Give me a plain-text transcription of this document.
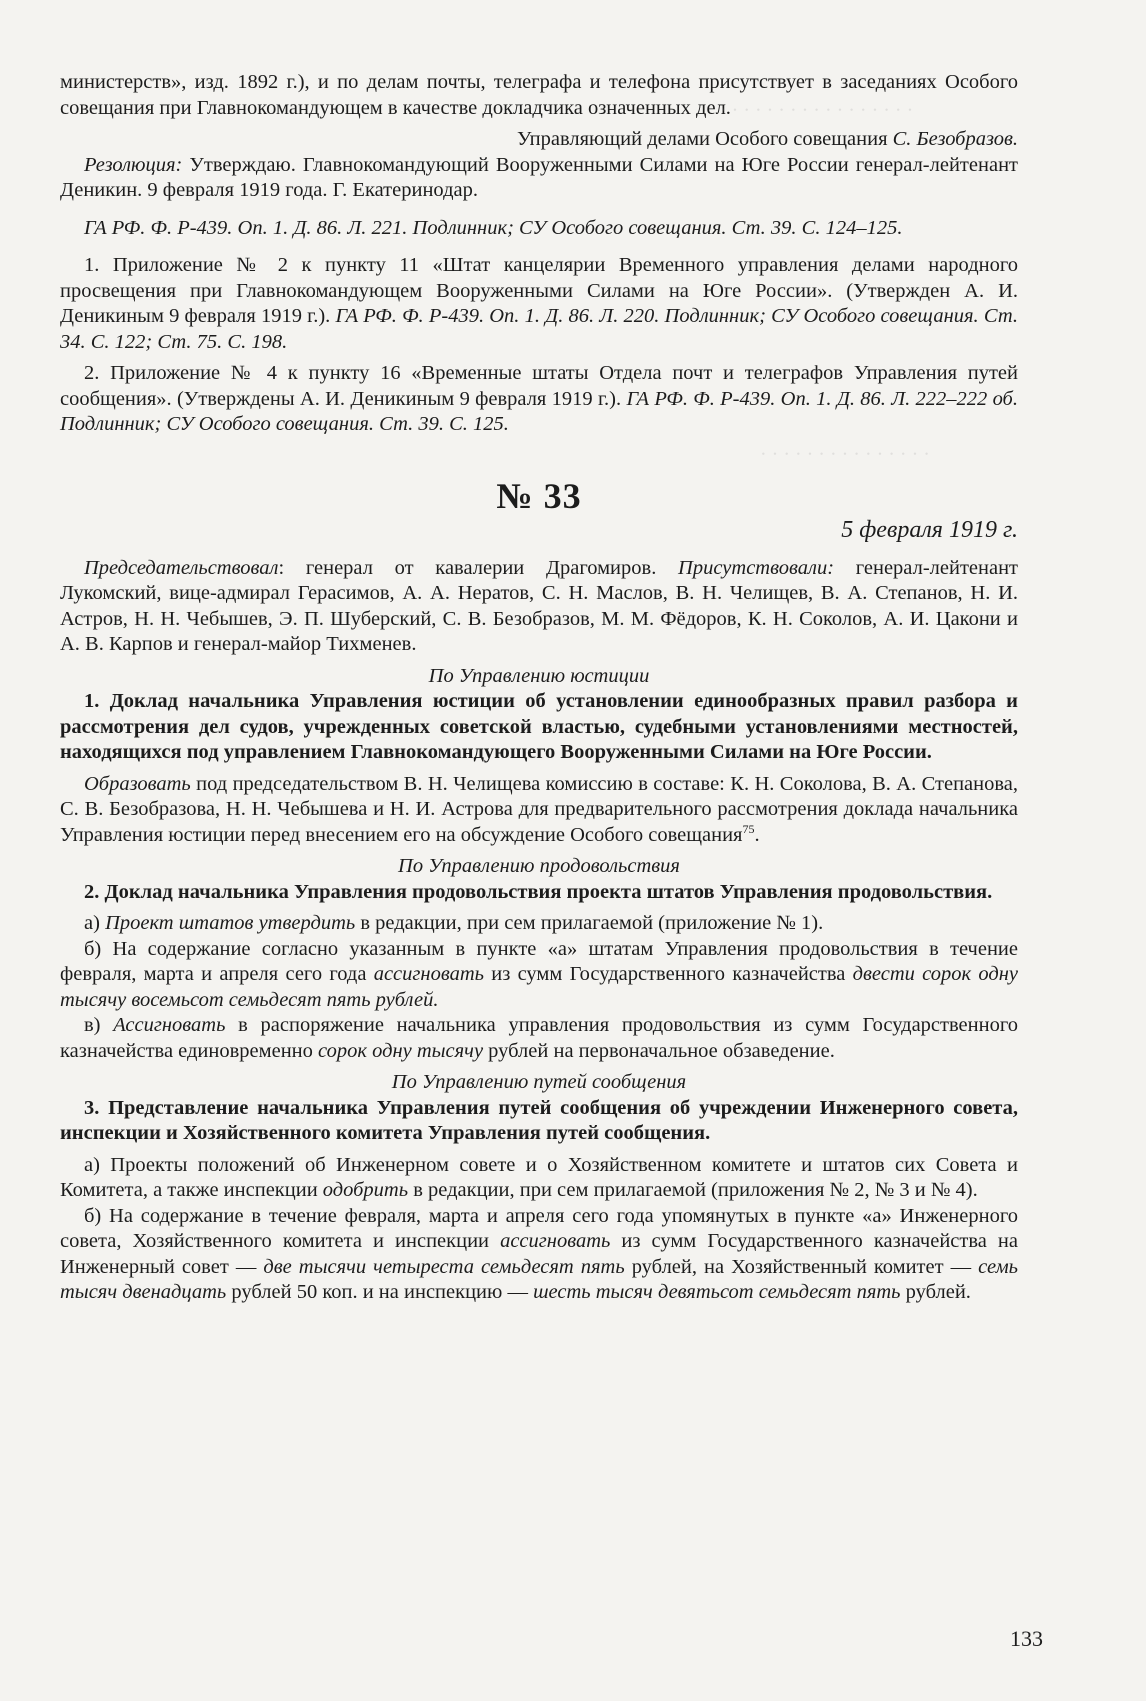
· · · · · · · · · · · · · · · · ·
· · · · · · · · · · · · · · ·

министерств», изд. 1892 г.), и по делам почты, телеграфа и телефона присутствует в заседаниях Особого совещания при Главнокомандующем в качестве докладчика означенных дел.

Управляющий делами Особого совещания С. Безобразов.

Резолюция: Утверждаю. Главнокомандующий Вооруженными Силами на Юге России генерал-лейтенант Деникин. 9 февраля 1919 года. Г. Екатеринодар.

ГА РФ. Ф. Р-439. Оп. 1. Д. 86. Л. 221. Подлинник; СУ Особого совещания. Ст. 39. С. 124–125.

1. Приложение № 2 к пункту 11 «Штат канцелярии Временного управления делами народного просвещения при Главнокомандующем Вооруженными Силами на Юге России». (Утвержден А. И. Деникиным 9 февраля 1919 г.). ГА РФ. Ф. Р-439. Оп. 1. Д. 86. Л. 220. Подлинник; СУ Особого совещания. Ст. 34. С. 122; Ст. 75. С. 198.

2. Приложение № 4 к пункту 16 «Временные штаты Отдела почт и телеграфов Управления путей сообщения». (Утверждены А. И. Деникиным 9 февраля 1919 г.). ГА РФ. Ф. Р-439. Оп. 1. Д. 86. Л. 222–222 об. Подлинник; СУ Особого совещания. Ст. 39. С. 125.

№ 33
5 февраля 1919 г.

Председательствовал: генерал от кавалерии Драгомиров. Присутствовали: генерал-лейтенант Лукомский, вице-адмирал Герасимов, А. А. Нератов, С. Н. Маслов, В. Н. Челищев, В. А. Степанов, Н. И. Астров, Н. Н. Чебышев, Э. П. Шуберский, С. В. Безобразов, М. М. Фёдоров, К. Н. Соколов, А. И. Цакони и А. В. Карпов и генерал-майор Тихменев.

По Управлению юстиции

1. Доклад начальника Управления юстиции об установлении единообразных правил разбора и рассмотрения дел судов, учрежденных советской властью, судебными установлениями местностей, находящихся под управлением Главнокомандующего Вооруженными Силами на Юге России.

Образовать под председательством В. Н. Челищева комиссию в составе: К. Н. Соколова, В. А. Степанова, С. В. Безобразова, Н. Н. Чебышева и Н. И. Астрова для предварительного рассмотрения доклада начальника Управления юстиции перед внесением его на обсуждение Особого совещания$^{75}$.

По Управлению продовольствия

2. Доклад начальника Управления продовольствия проекта штатов Управления продовольствия.

а) Проект штатов утвердить в редакции, при сем прилагаемой (приложение № 1).

б) На содержание согласно указанным в пункте «а» штатам Управления продовольствия в течение февраля, марта и апреля сего года ассигновать из сумм Государственного казначейства двести сорок одну тысячу восемьсот семьдесят пять рублей.

в) Ассигновать в распоряжение начальника управления продовольствия из сумм Государственного казначейства единовременно сорок одну тысячу рублей на первоначальное обзаведение.

По Управлению путей сообщения

3. Представление начальника Управления путей сообщения об учреждении Инженерного совета, инспекции и Хозяйственного комитета Управления путей сообщения.

а) Проекты положений об Инженерном совете и о Хозяйственном комитете и штатов сих Совета и Комитета, а также инспекции одобрить в редакции, при сем прилагаемой (приложения № 2, № 3 и № 4).

б) На содержание в течение февраля, марта и апреля сего года упомянутых в пункте «а» Инженерного совета, Хозяйственного комитета и инспекции ассигновать из сумм Государственного казначейства на Инженерный совет — две тысячи четыреста семьдесят пять рублей, на Хозяйственный комитет — семь тысяч двенадцать рублей 50 коп. и на инспекцию — шесть тысяч девятьсот семьдесят пять рублей.

133
